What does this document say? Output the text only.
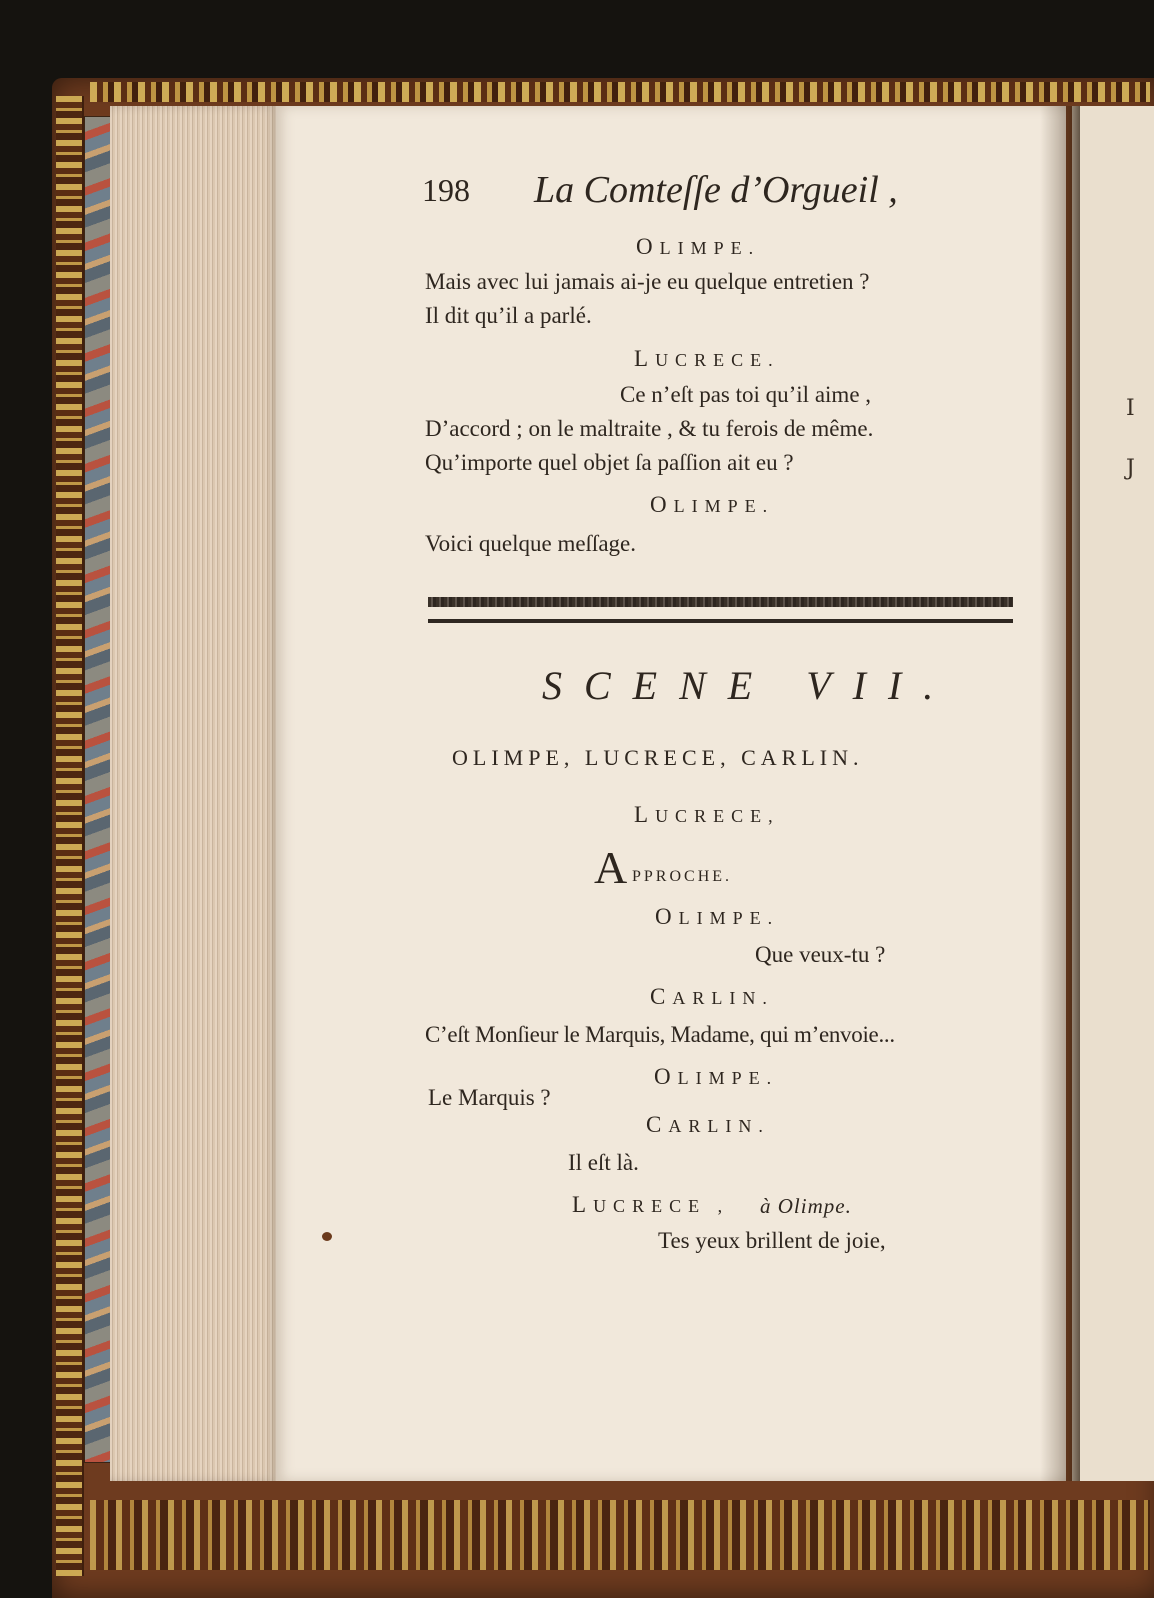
I
J
198 La Comteſſe d’Orgueil ,
OLIMPE.
Mais avec lui jamais ai-je eu quelque entretien ?
Il dit qu’il a parlé.
LUCRECE.
Ce n’eſt pas toi qu’il aime ,
D’accord ; on le maltraite , & tu ferois de même.
Qu’importe quel objet ſa paſſion ait eu ?
OLIMPE.
Voici quelque meſſage.
SCENE VII.
OLIMPE, LUCRECE, CARLIN.
LUCRECE,
A PPROCHE.
OLIMPE.
Que veux-tu ?
CARLIN.
C’eſt Monſieur le Marquis, Madame, qui m’envoie...
OLIMPE.
Le Marquis ?
CARLIN.
Il eſt là.
LUCRECE , à Olimpe.
Tes yeux brillent de joie,
